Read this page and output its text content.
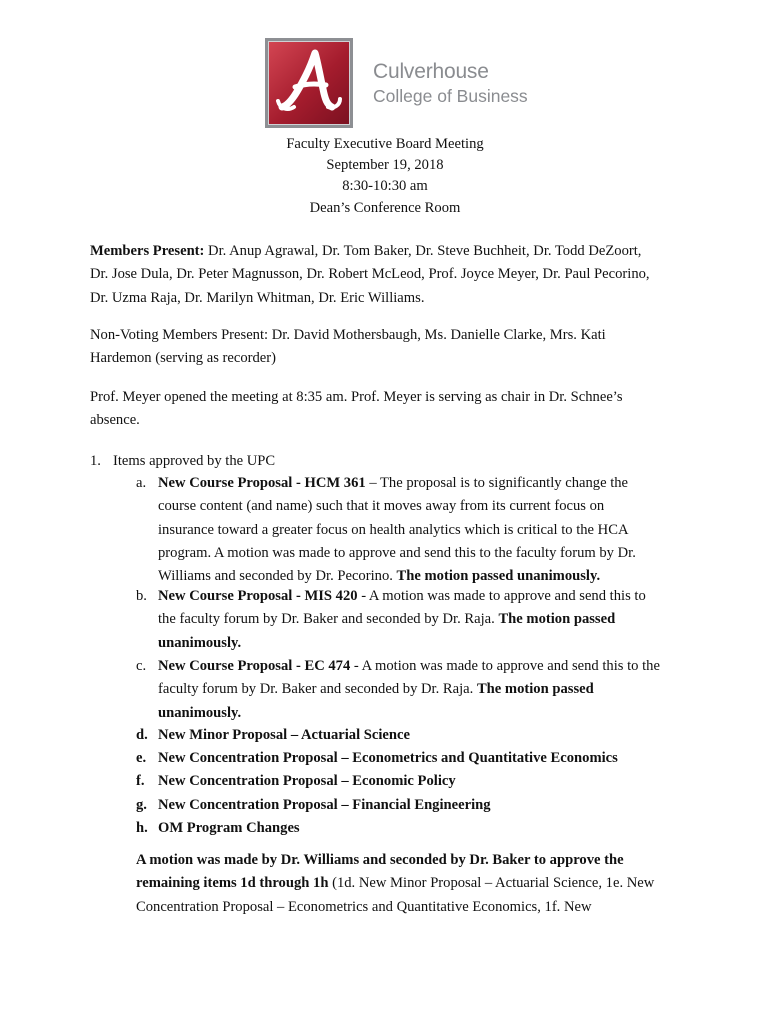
Culverhouse
College of Business
Faculty Executive Board Meeting
September 19, 2018
8:30-10:30 am
Dean’s Conference Room
Members Present: Dr. Anup Agrawal, Dr. Tom Baker, Dr. Steve Buchheit, Dr. Todd DeZoort,
Dr. Jose Dula, Dr. Peter Magnusson, Dr. Robert McLeod, Prof. Joyce Meyer, Dr. Paul Pecorino,
Dr. Uzma Raja, Dr. Marilyn Whitman, Dr. Eric Williams.
Non-Voting Members Present: Dr. David Mothersbaugh, Ms. Danielle Clarke, Mrs. Kati
Hardemon (serving as recorder)
Prof. Meyer opened the meeting at 8:35 am. Prof. Meyer is serving as chair in Dr. Schnee’s
absence.
1. Items approved by the UPC
a. New Course Proposal - HCM 361 – The proposal is to significantly change the
course content (and name) such that it moves away from its current focus on
insurance toward a greater focus on health analytics which is critical to the HCA
program. A motion was made to approve and send this to the faculty forum by Dr.
Williams and seconded by Dr. Pecorino. The motion passed unanimously.
b. New Course Proposal - MIS 420 - A motion was made to approve and send this to
the faculty forum by Dr. Baker and seconded by Dr. Raja. The motion passed
unanimously.
c. New Course Proposal - EC 474 - A motion was made to approve and send this to the
faculty forum by Dr. Baker and seconded by Dr. Raja. The motion passed
unanimously.
d. New Minor Proposal – Actuarial Science
e. New Concentration Proposal – Econometrics and Quantitative Economics
f. New Concentration Proposal – Economic Policy
g. New Concentration Proposal – Financial Engineering
h. OM Program Changes
A motion was made by Dr. Williams and seconded by Dr. Baker to approve the
remaining items 1d through 1h (1d. New Minor Proposal – Actuarial Science, 1e. New
Concentration Proposal – Econometrics and Quantitative Economics, 1f. New
